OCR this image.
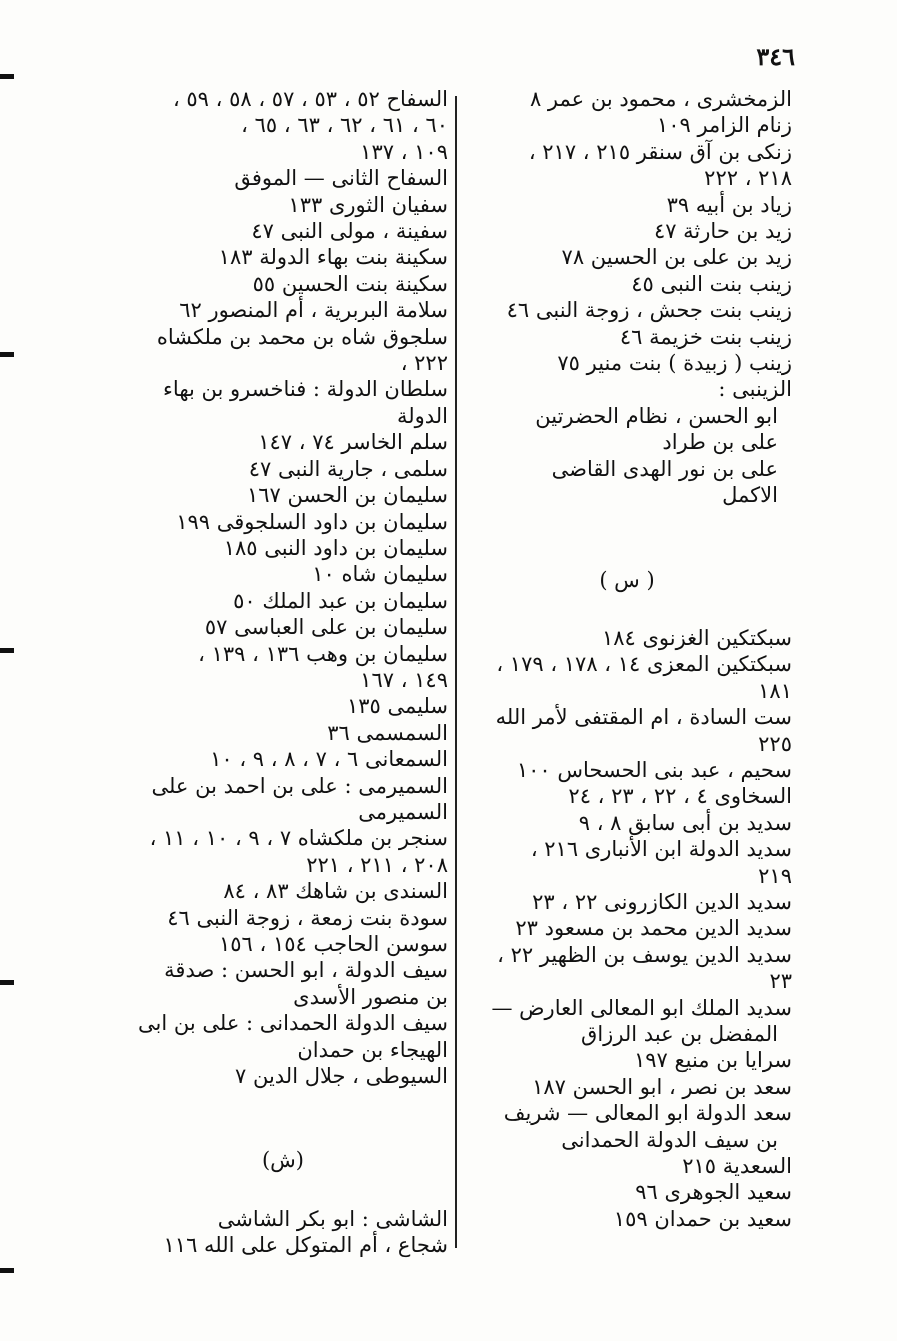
٣٤٦
الزمخشرى ، محمود بن عمر ٨
زنام الزامر ١٠٩
زنكى بن آق سنقر ٢١٥ ، ٢١٧ ،
٢١٨ ، ٢٢٢
زياد بن أبيه ٣٩
زيد بن حارثة ٤٧
زيد بن على بن الحسين ٧٨
زينب بنت النبى ٤٥
زينب بنت جحش ، زوجة النبى ٤٦
زينب بنت خزيمة ٤٦
زينب ( زبيدة ) بنت منير ٧٥
الزينبى :
ابو الحسن ، نظام الحضرتين
على بن طراد
على بن نور الهدى القاضى
الاكمل
( س )
سبكتكين الغزنوى ١٨٤
سبكتكين المعزى ١٤ ، ١٧٨ ، ١٧٩ ،
١٨١
ست السادة ، ام المقتفى لأمر الله
٢٢٥
سحيم ، عبد بنى الحسحاس ١٠٠
السخاوى ٤ ، ٢٢ ، ٢٣ ، ٢٤
سديد بن أبى سابق ٨ ، ٩
سديد الدولة ابن الأنبارى ٢١٦ ،
٢١٩
سديد الدين الكازرونى ٢٢ ، ٢٣
سديد الدين محمد بن مسعود ٢٣
سديد الدين يوسف بن الظهير ٢٢ ،
٢٣
سديد الملك ابو المعالى العارض —
المفضل بن عبد الرزاق
سرايا بن منيع ١٩٧
سعد بن نصر ، ابو الحسن ١٨٧
سعد الدولة ابو المعالى — شريف
بن سيف الدولة الحمدانى
السعدية ٢١٥
سعيد الجوهرى ٩٦
سعيد بن حمدان ١٥٩
السفاح ٥٢ ، ٥٣ ، ٥٧ ، ٥٨ ، ٥٩ ،
٦٠ ، ٦١ ، ٦٢ ، ٦٣ ، ٦٥ ،
١٠٩ ، ١٣٧
السفاح الثانى — الموفق
سفيان الثورى ١٣٣
سفينة ، مولى النبى ٤٧
سكينة بنت بهاء الدولة ١٨٣
سكينة بنت الحسين ٥٥
سلامة البربرية ، أم المنصور ٦٢
سلجوق شاه بن محمد بن ملكشاه
٢٢٢ ،
سلطان الدولة : فناخسرو بن بهاء
الدولة
سلم الخاسر ٧٤ ، ١٤٧
سلمى ، جارية النبى ٤٧
سليمان بن الحسن ١٦٧
سليمان بن داود السلجوقى ١٩٩
سليمان بن داود النبى ١٨٥
سليمان شاه ١٠
سليمان بن عبد الملك ٥٠
سليمان بن على العباسى ٥٧
سليمان بن وهب ١٣٦ ، ١٣٩ ،
١٤٩ ، ١٦٧
سليمى ١٣٥
السمسمى ٣٦
السمعانى ٦ ، ٧ ، ٨ ، ٩ ، ١٠
السميرمى : على بن احمد بن على
السميرمى
سنجر بن ملكشاه ٧ ، ٩ ، ١٠ ، ١١ ،
٢٠٨ ، ٢١١ ، ٢٢١
السندى بن شاهك ٨٣ ، ٨٤
سودة بنت زمعة ، زوجة النبى ٤٦
سوسن الحاجب ١٥٤ ، ١٥٦
سيف الدولة ، ابو الحسن : صدقة
بن منصور الأسدى
سيف الدولة الحمدانى : على بن ابى
الهيجاء بن حمدان
السيوطى ، جلال الدين ٧
(ش)
الشاشى : ابو بكر الشاشى
شجاع ، أم المتوكل على الله ١١٦
